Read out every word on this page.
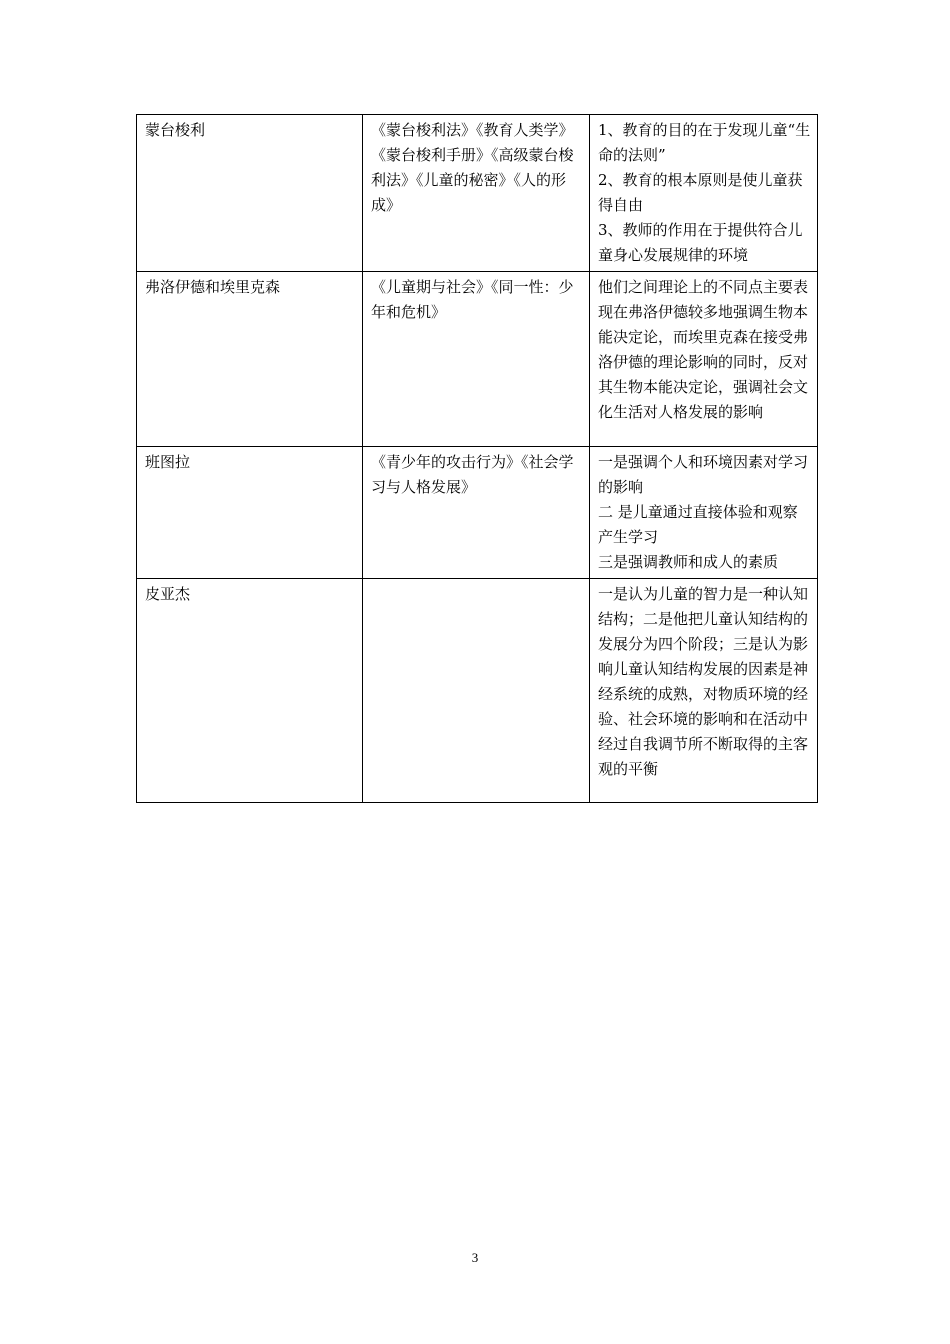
蒙台梭利	《蒙台梭利法》《教育人类学》《蒙台梭利手册》《高级蒙台梭利法》《儿童的秘密》《人的形成》	1、教育的目的在于发现儿童“生命的法则”
2、教育的根本原则是使儿童获得自由
3、教师的作用在于提供符合儿童身心发展规律的环境

弗洛伊德和埃里克森	《儿童期与社会》《同一性：少年和危机》	他们之间理论上的不同点主要表现在弗洛伊德较多地强调生物本能决定论，而埃里克森在接受弗洛伊德的理论影响的同时，反对其生物本能决定论，强调社会文化生活对人格发展的影响

班图拉	《青少年的攻击行为》《社会学习与人格发展》	一是强调个人和环境因素对学习的影响
二 是儿童通过直接体验和观察产生学习
三是强调教师和成人的素质

皮亚杰		一是认为儿童的智力是一种认知结构；二是他把儿童认知结构的发展分为四个阶段；三是认为影响儿童认知结构发展的因素是神经系统的成熟，对物质环境的经验、社会环境的影响和在活动中经过自我调节所不断取得的主客观的平衡
3
